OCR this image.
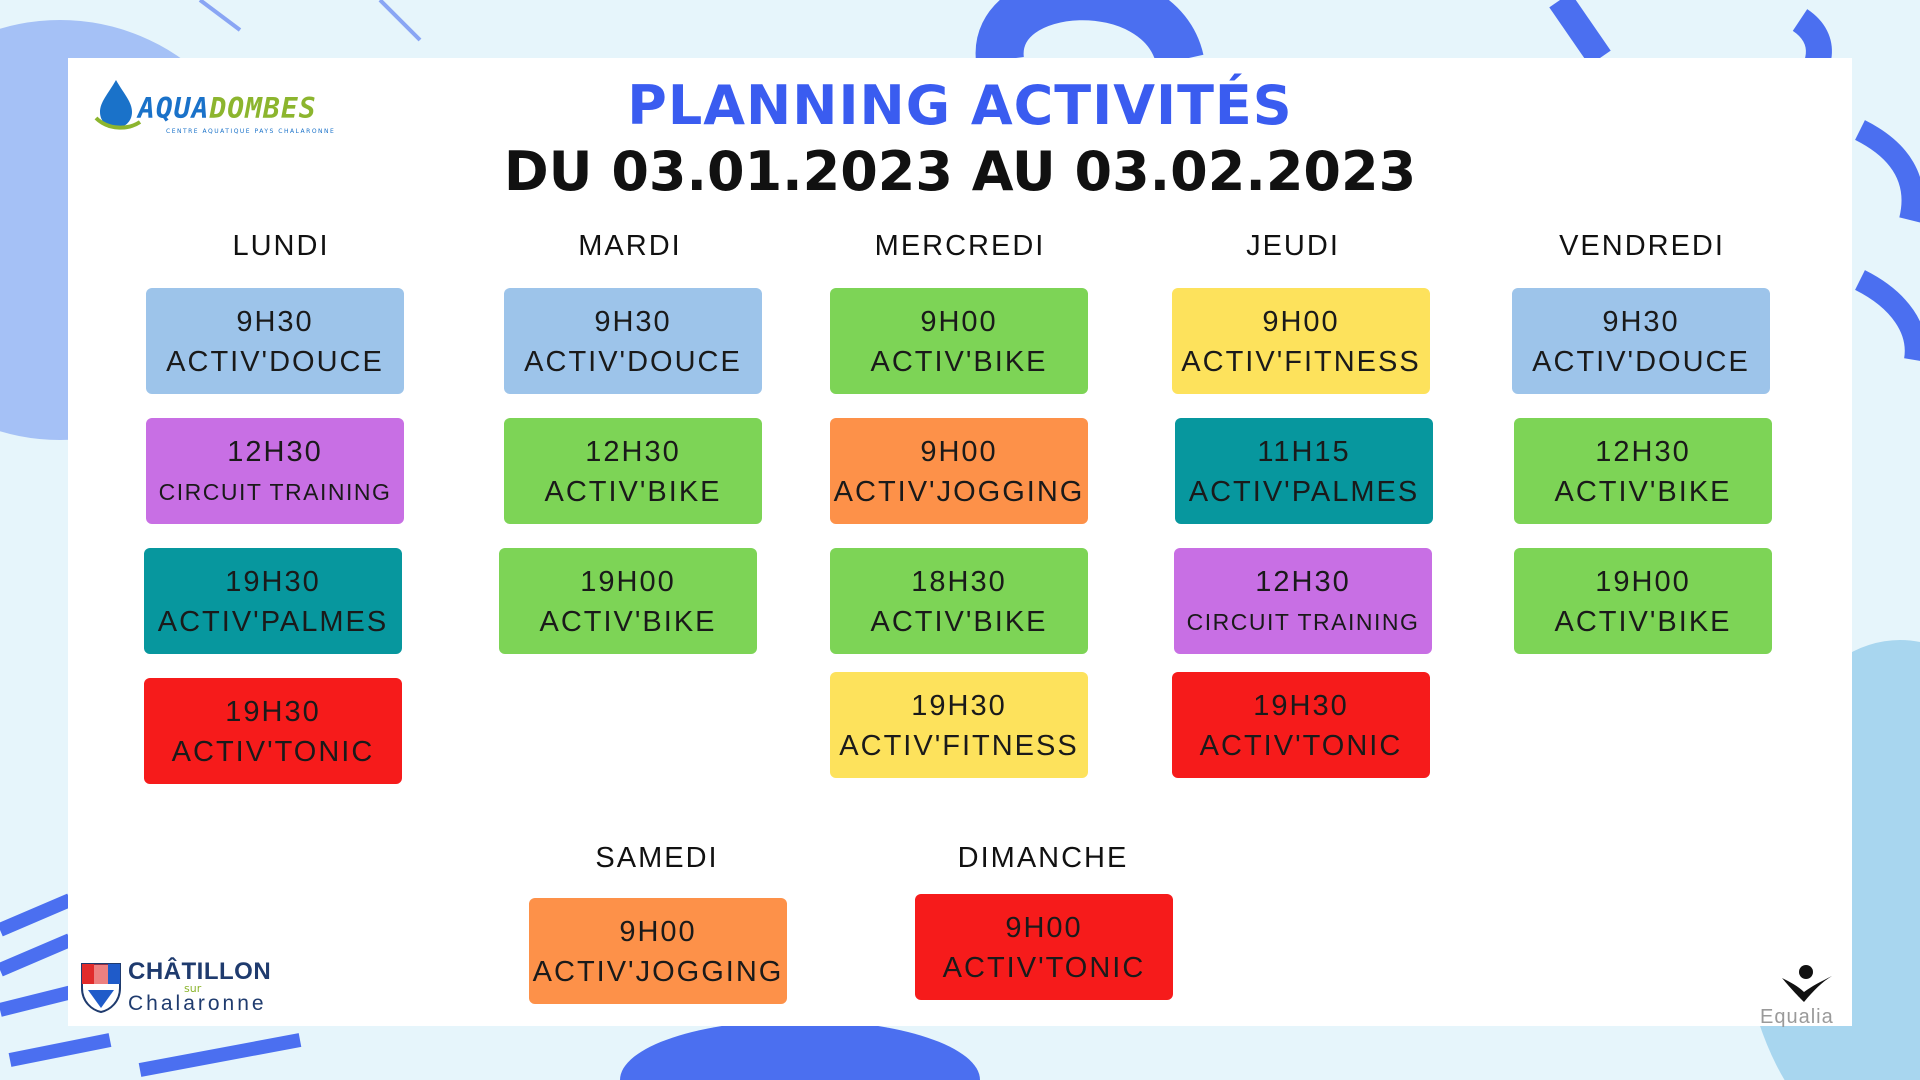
AQUADOMBES
CENTRE AQUATIQUE PAYS CHALARONNE	PLANNING ACTIVITÉS
DU 03.01.2023 AU 03.02.2023
LUNDI
9H30
ACTIV'DOUCE
12H30
CIRCUIT TRAINING
19H30
ACTIV'PALMES
19H30
ACTIV'TONIC
MARDI
9H30
ACTIV'DOUCE
12H30
ACTIV'BIKE
19H00
ACTIV'BIKE
MERCREDI
9H00
ACTIV'BIKE
9H00
ACTIV'JOGGING
18H30
ACTIV'BIKE
19H30
ACTIV'FITNESS
JEUDI
9H00
ACTIV'FITNESS
11H15
ACTIV'PALMES
12H30
CIRCUIT TRAINING
19H30
ACTIV'TONIC
VENDREDI
9H30
ACTIV'DOUCE
12H30
ACTIV'BIKE
19H00
ACTIV'BIKE
SAMEDI
9H00
ACTIV'JOGGING
DIMANCHE
9H00
ACTIV'TONIC
CHÂTILLON
sur
Chalaronne
Equalia
